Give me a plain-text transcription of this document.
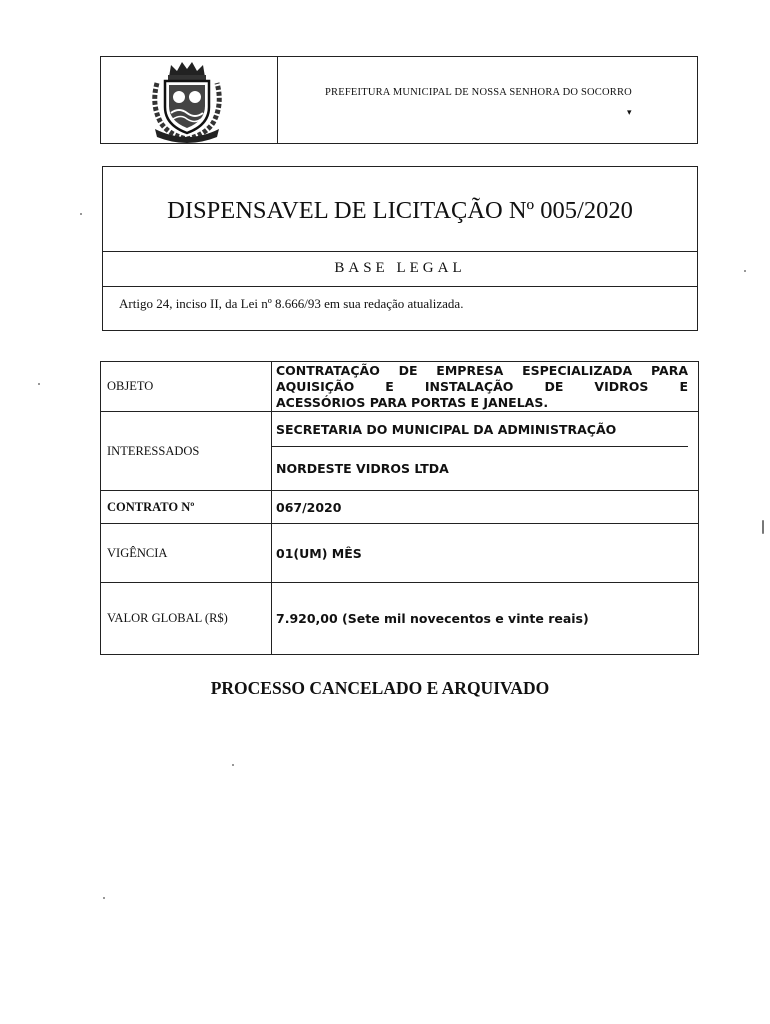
PREFEITURA MUNICIPAL DE NOSSA SENHORA DO SOCORRO
▾
DISPENSAVEL DE LICITAÇÃO Nº 005/2020
BASE LEGAL
Artigo 24, inciso II, da Lei nº 8.666/93 em sua redação atualizada.
OBJETO	CONTRATAÇÃO DE EMPRESA ESPECIALIZADA PARA
AQUISIÇÃO E INSTALAÇÃO DE VIDROS E
ACESSÓRIOS PARA PORTAS E JANELAS.

INTERESSADOS	SECRETARIA DO MUNICIPAL DA ADMINISTRAÇÃO
NORDESTE VIDROS LTDA

CONTRATO Nº	067/2020
VIGÊNCIA	01(UM) MÊS
VALOR GLOBAL (R$)	7.920,00 (Sete mil novecentos e vinte reais)
PROCESSO CANCELADO E ARQUIVADO
